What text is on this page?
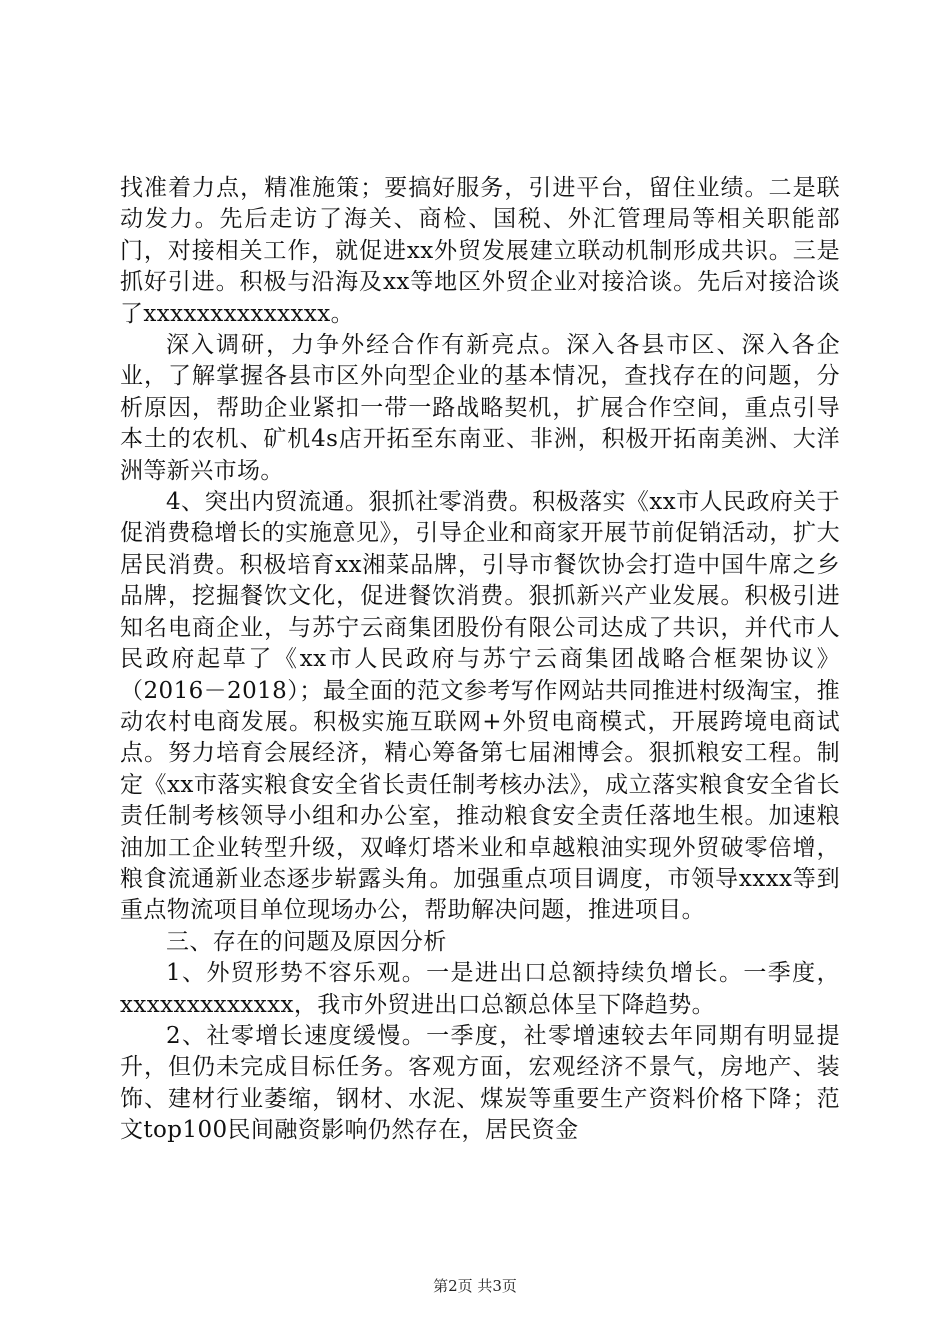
找准着力点，精准施策；要搞好服务，引进平台，留住业绩。二是联动发力。先后走访了海关、商检、国税、外汇管理局等相关职能部门，对接相关工作，就促进xx外贸发展建立联动机制形成共识。三是抓好引进。积极与沿海及xx等地区外贸企业对接洽谈。先后对接洽谈了xxxxxxxxxxxxxx。

深入调研，力争外经合作有新亮点。深入各县市区、深入各企业，了解掌握各县市区外向型企业的基本情况，查找存在的问题，分析原因，帮助企业紧扣一带一路战略契机，扩展合作空间，重点引导本土的农机、矿机4s店开拓至东南亚、非洲，积极开拓南美洲、大洋洲等新兴市场。

4、突出内贸流通。狠抓社零消费。积极落实《xx市人民政府关于促消费稳增长的实施意见》，引导企业和商家开展节前促销活动，扩大居民消费。积极培育xx湘菜品牌，引导市餐饮协会打造中国牛席之乡品牌，挖掘餐饮文化，促进餐饮消费。狠抓新兴产业发展。积极引进知名电商企业，与苏宁云商集团股份有限公司达成了共识，并代市人民政府起草了《xx市人民政府与苏宁云商集团战略合框架协议》（2016－2018）；最全面的范文参考写作网站共同推进村级淘宝，推动农村电商发展。积极实施互联网+外贸电商模式，开展跨境电商试点。努力培育会展经济，精心筹备第七届湘博会。狠抓粮安工程。制定《xx市落实粮食安全省长责任制考核办法》，成立落实粮食安全省长责任制考核领导小组和办公室，推动粮食安全责任落地生根。加速粮油加工企业转型升级，双峰灯塔米业和卓越粮油实现外贸破零倍增，粮食流通新业态逐步崭露头角。加强重点项目调度，市领导xxxx等到重点物流项目单位现场办公，帮助解决问题，推进项目。

三、存在的问题及原因分析

1、外贸形势不容乐观。一是进出口总额持续负增长。一季度，xxxxxxxxxxxxx，我市外贸进出口总额总体呈下降趋势。

2、社零增长速度缓慢。一季度，社零增速较去年同期有明显提升，但仍未完成目标任务。客观方面，宏观经济不景气，房地产、装饰、建材行业萎缩，钢材、水泥、煤炭等重要生产资料价格下降；范文top100民间融资影响仍然存在，居民资金

第2页 共3页
